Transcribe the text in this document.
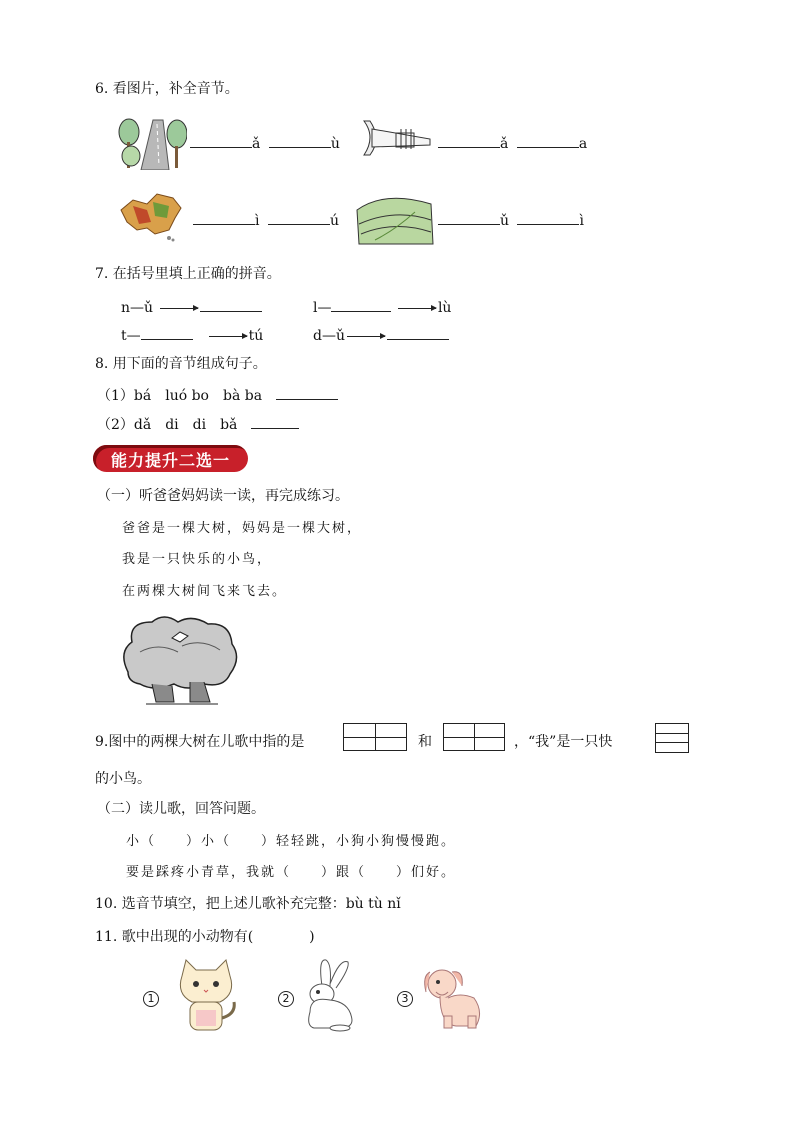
6. 看图片，补全音节。
ǎ	ù	ǎ	a
ì	ú	ǔ	ì
7. 在括号里填上正确的拼音。
n—ǔ	l—	lù
t—　	tú	d—ǔ
8. 用下面的音节组成句子。
（1）bá　luó bo　bà ba　
（2）dǎ　di　di　bǎ　
能力提升二选一
（一）听爸爸妈妈读一读，再完成练习。
爸爸是一棵大树，妈妈是一棵大树，
我是一只快乐的小鸟，
在两棵大树间飞来飞去。
9.图中的两棵大树在儿歌中指的是	和	，“我”是一只快
的小鸟。
（二）读儿歌，回答问题。
小（　　）小（　　）轻轻跳，小狗小狗慢慢跑。
要是踩疼小青草，我就（　　）跟（　　）们好。
10. 选音节填空，把上述儿歌补充完整：bù tù nǐ
11. 歌中出现的小动物有(　　　　)
1	2	3
